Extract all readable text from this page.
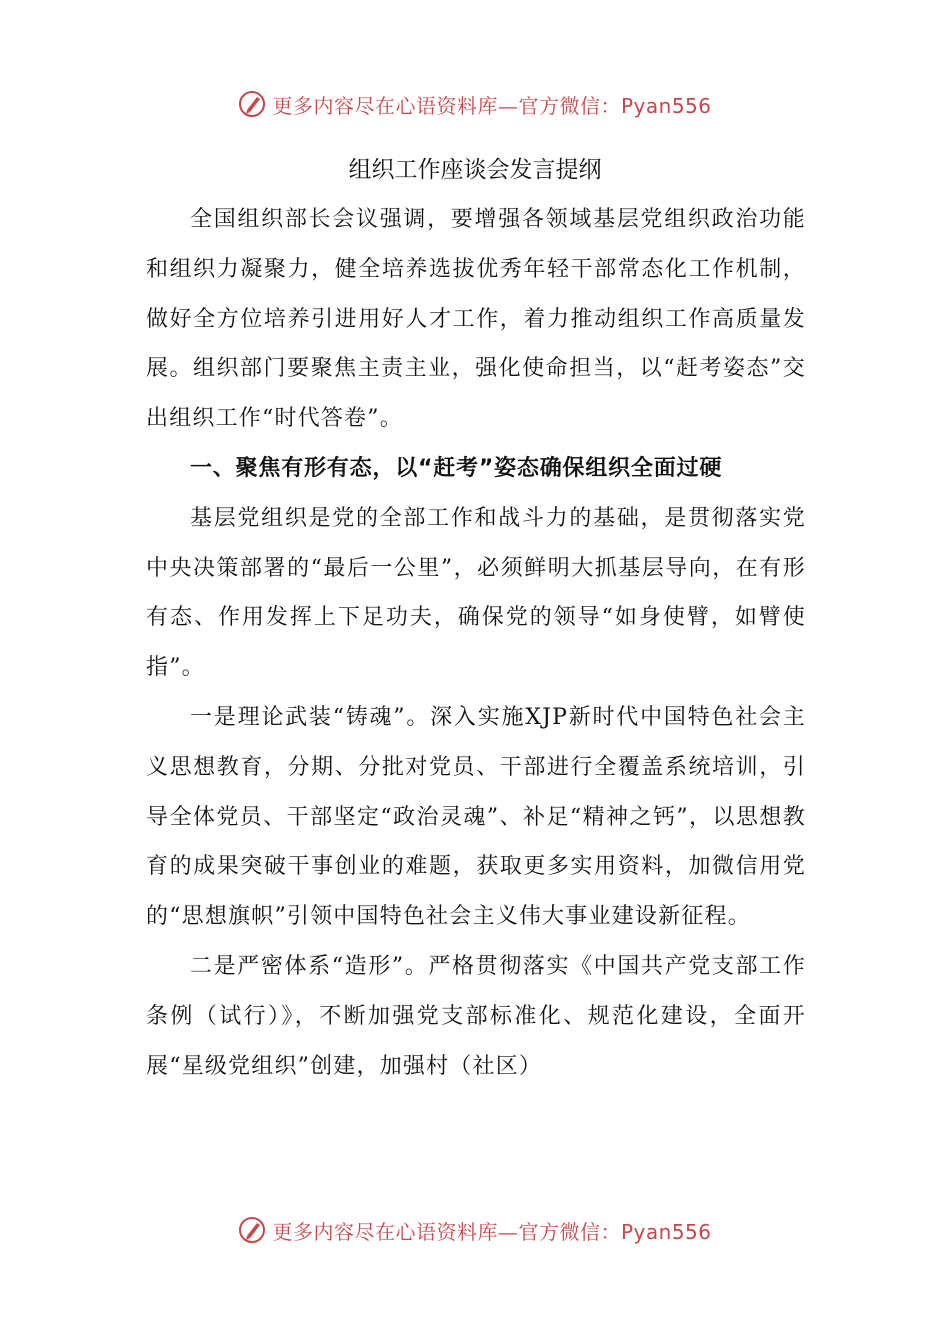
更多内容尽在心语资料库—官方微信：Pyan556
组织工作座谈会发言提纲

全国组织部长会议强调，要增强各领域基层党组织政治功能和组织力凝聚力，健全培养选拔优秀年轻干部常态化工作机制，做好全方位培养引进用好人才工作，着力推动组织工作高质量发展。组织部门要聚焦主责主业，强化使命担当，以“赶考姿态”交出组织工作“时代答卷”。

一、聚焦有形有态，以“赶考”姿态确保组织全面过硬

基层党组织是党的全部工作和战斗力的基础，是贯彻落实党中央决策部署的“最后一公里”，必须鲜明大抓基层导向，在有形有态、作用发挥上下足功夫，确保党的领导“如身使臂，如臂使指”。

一是理论武装“铸魂”。深入实施XJP新时代中国特色社会主义思想教育，分期、分批对党员、干部进行全覆盖系统培训，引导全体党员、干部坚定“政治灵魂”、补足“精神之钙”，以思想教育的成果突破干事创业的难题，获取更多实用资料，加微信用党的“思想旗帜”引领中国特色社会主义伟大事业建设新征程。

二是严密体系“造形”。严格贯彻落实《中国共产党支部工作条例（试行）》，不断加强党支部标准化、规范化建设，全面开展“星级党组织”创建，加强村（社区）

更多内容尽在心语资料库—官方微信：Pyan556
